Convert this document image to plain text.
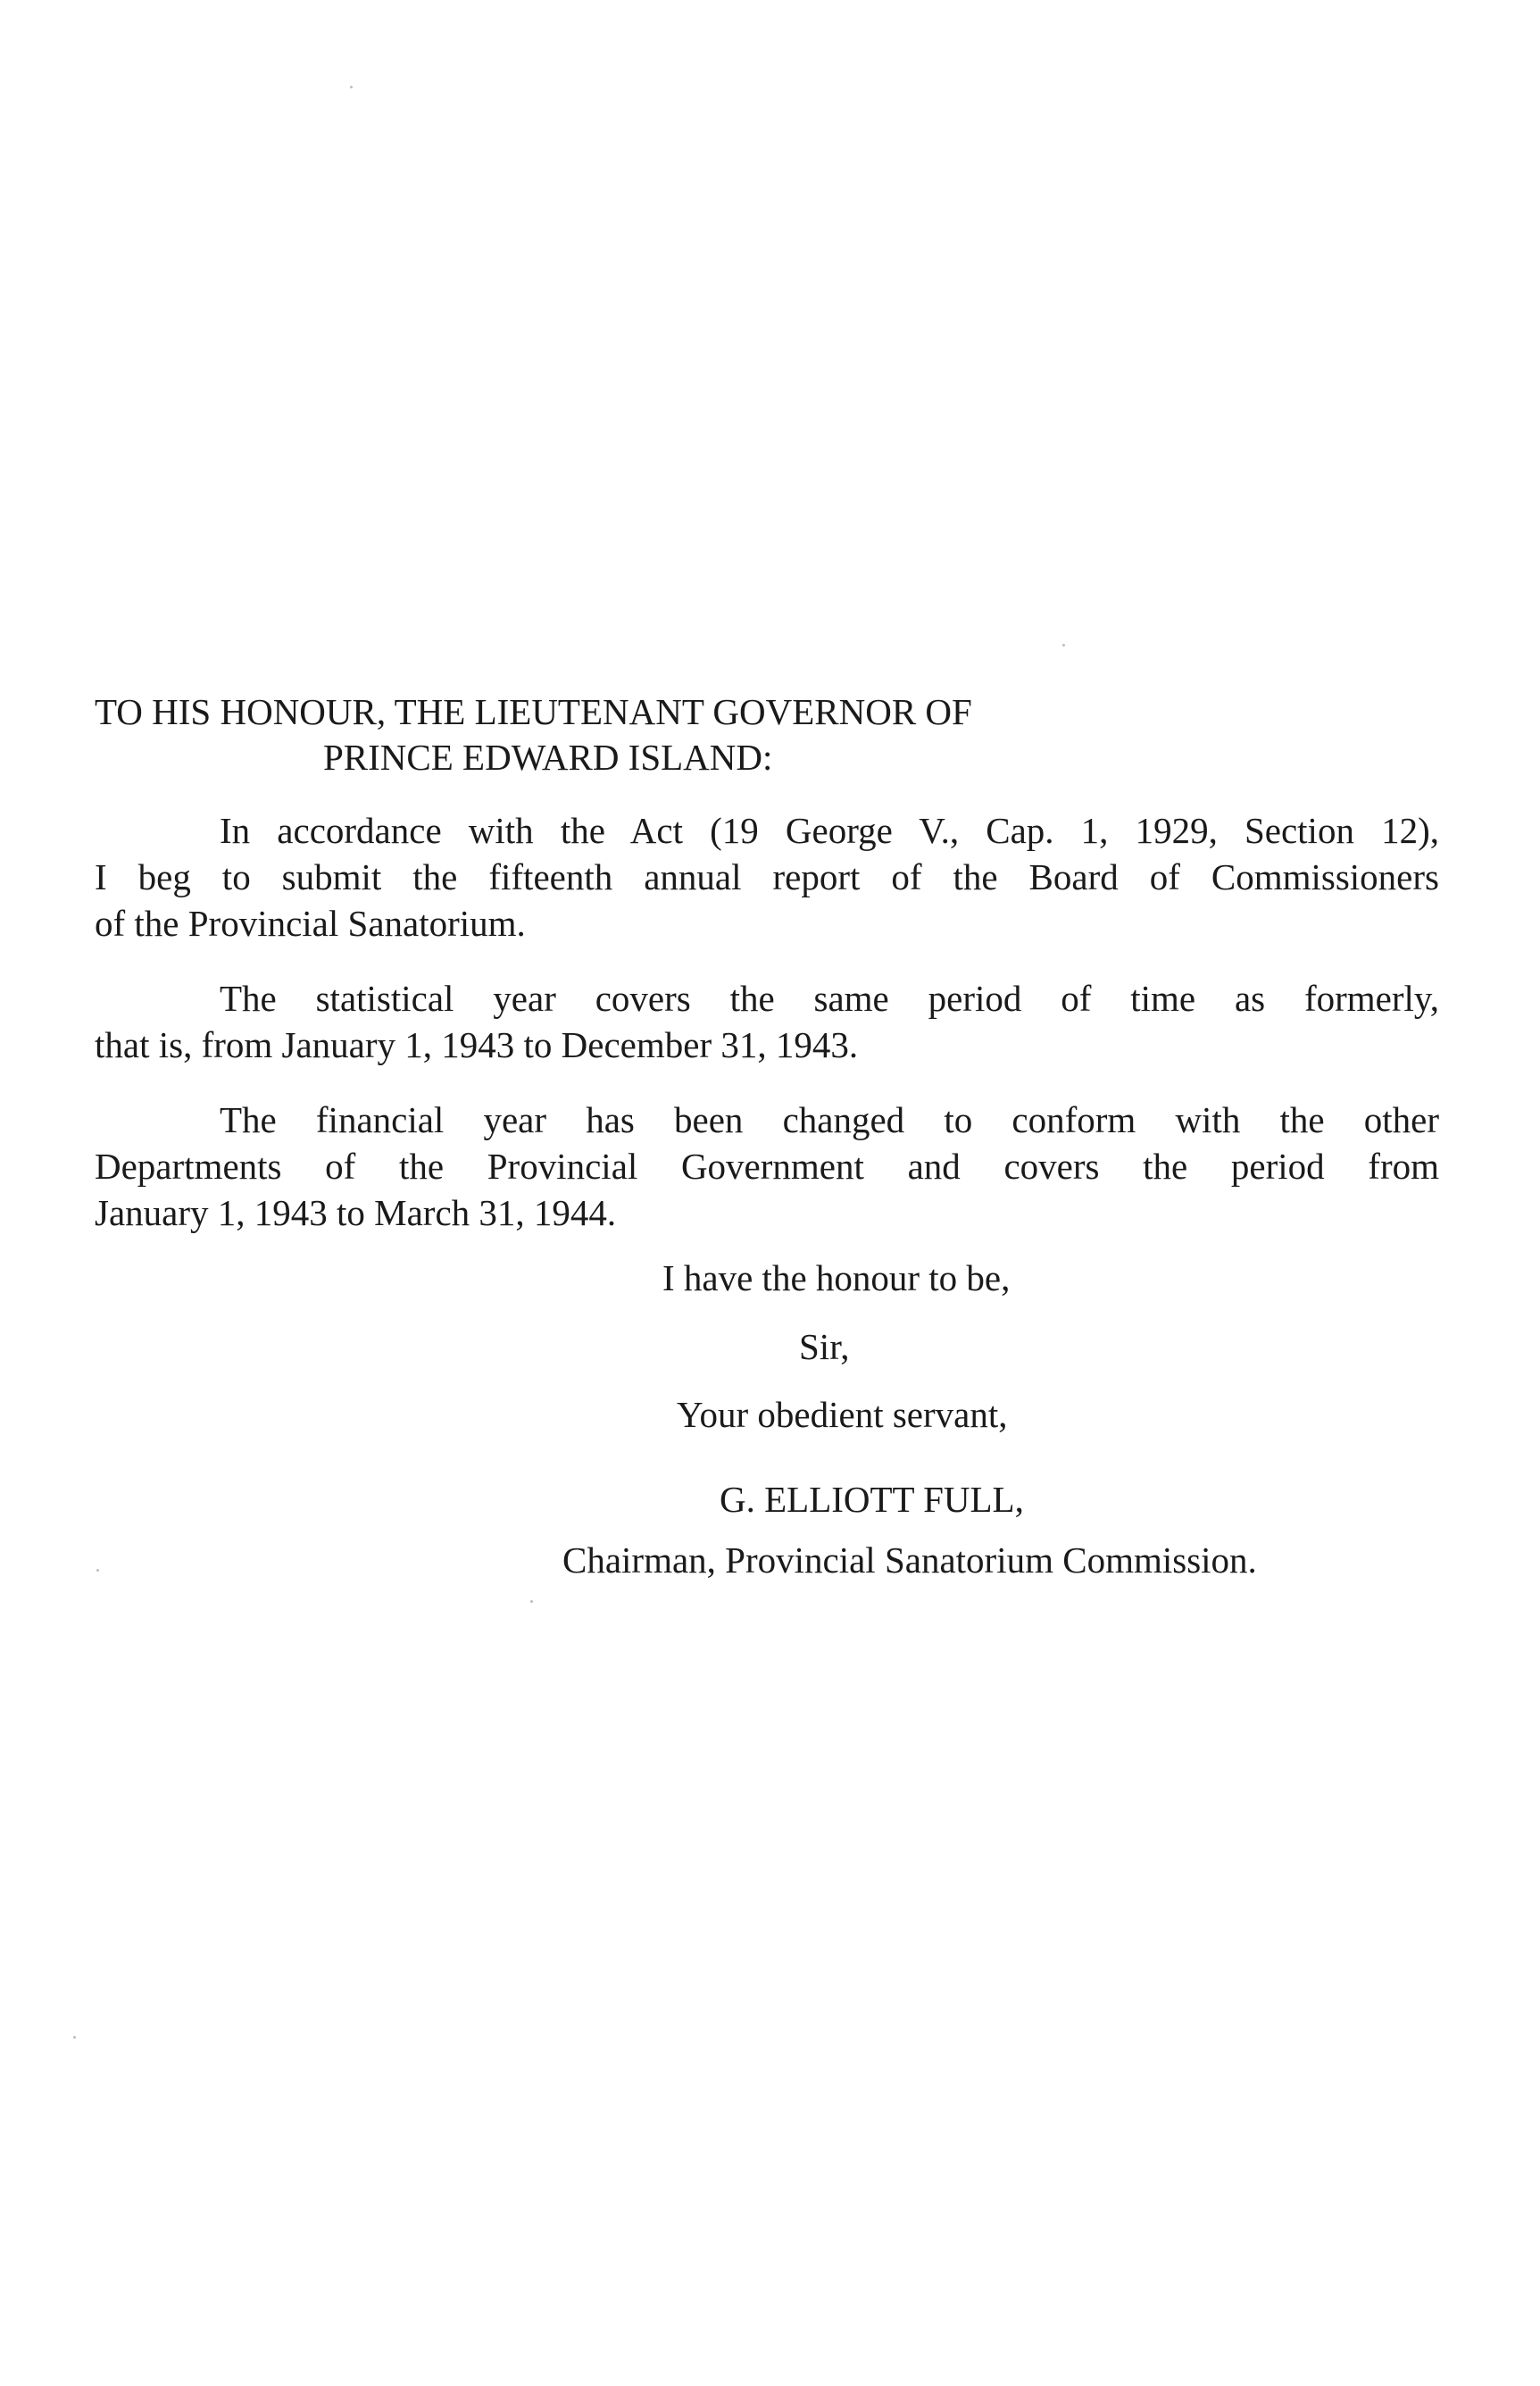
TO HIS HONOUR, THE LIEUTENANT GOVERNOR OF

PRINCE EDWARD ISLAND:

In accordance with the Act (19 George V., Cap. 1, 1929, Section 12),
I beg to submit the fifteenth annual report of the Board of Commissioners
of the Provincial Sanatorium.
The statistical year covers the same period of time as formerly,
that is, from January 1, 1943 to December 31, 1943.
The financial year has been changed to conform with the other
Departments of the Provincial Government and covers the period from
January 1, 1943 to March 31, 1944.

I have the honour to be,

Sir,

Your obedient servant,

G. ELLIOTT FULL,

Chairman, Provincial Sanatorium Commission.
